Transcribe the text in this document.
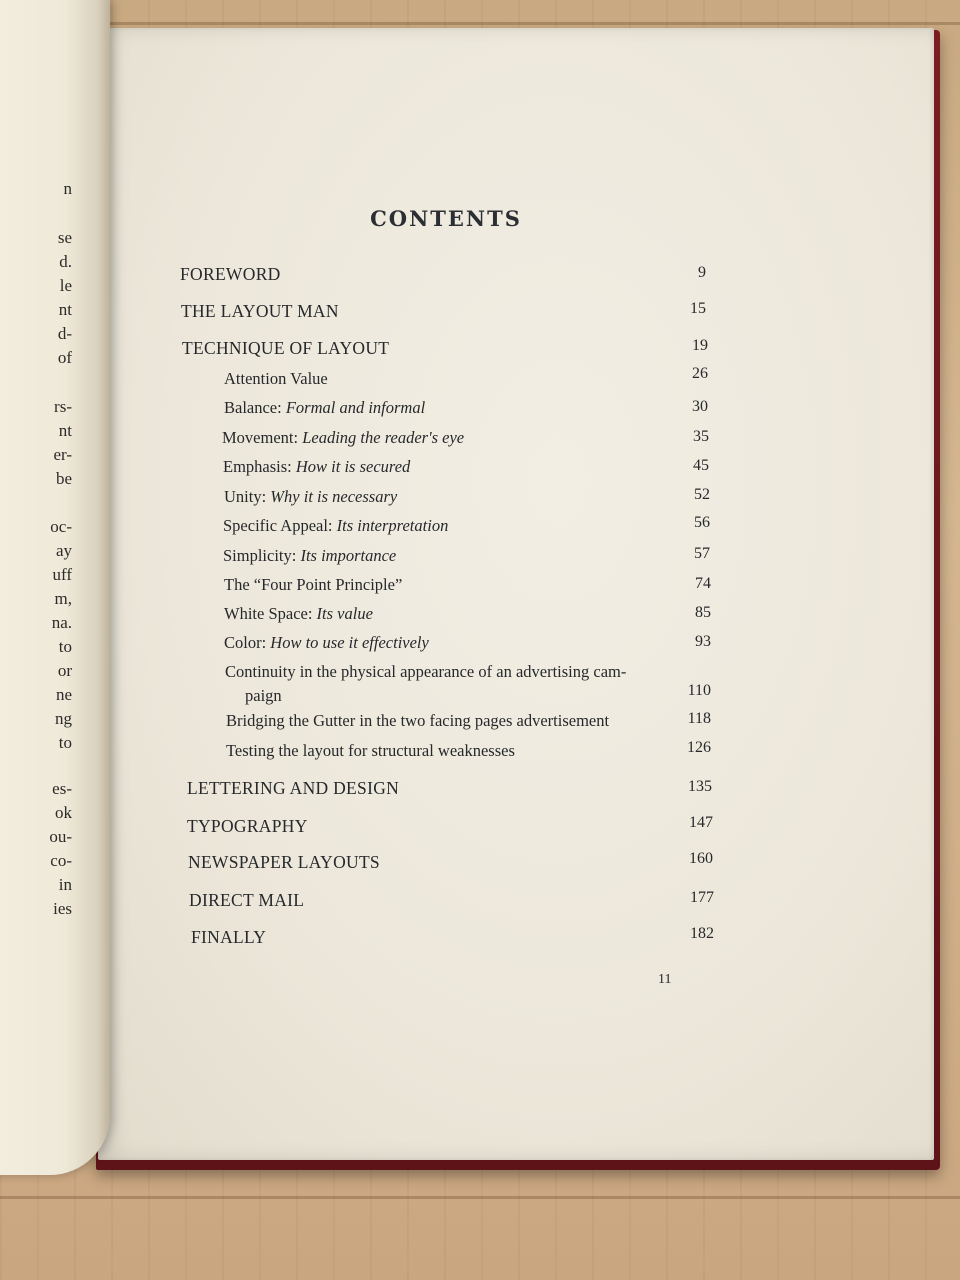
CONTENTS
FOREWORD	9
THE LAYOUT MAN	15
TECHNIQUE OF LAYOUT	19
Attention Value	26
Balance: Formal and informal	30
Movement: Leading the reader's eye	35
Emphasis: How it is secured	45
Unity: Why it is necessary	52
Specific Appeal: Its interpretation	56
Simplicity: Its importance	57
The “Four Point Principle”	74
White Space: Its value	85
Color: How to use it effectively	93
Continuity in the physical appearance of an advertising cam-
paign	110
Bridging the Gutter in the two facing pages advertisement	118
Testing the layout for structural weaknesses	126
LETTERING AND DESIGN	135
TYPOGRAPHY	147
NEWSPAPER LAYOUTS	160
DIRECT MAIL	177
FINALLY	182
11
n
se
d.
le
nt
d-
of
rs-
nt
er-
be
oc-
ay
uff
m,
na.
to
or
ne
ng
to
es-
ok
ou-
co-
in
ies
